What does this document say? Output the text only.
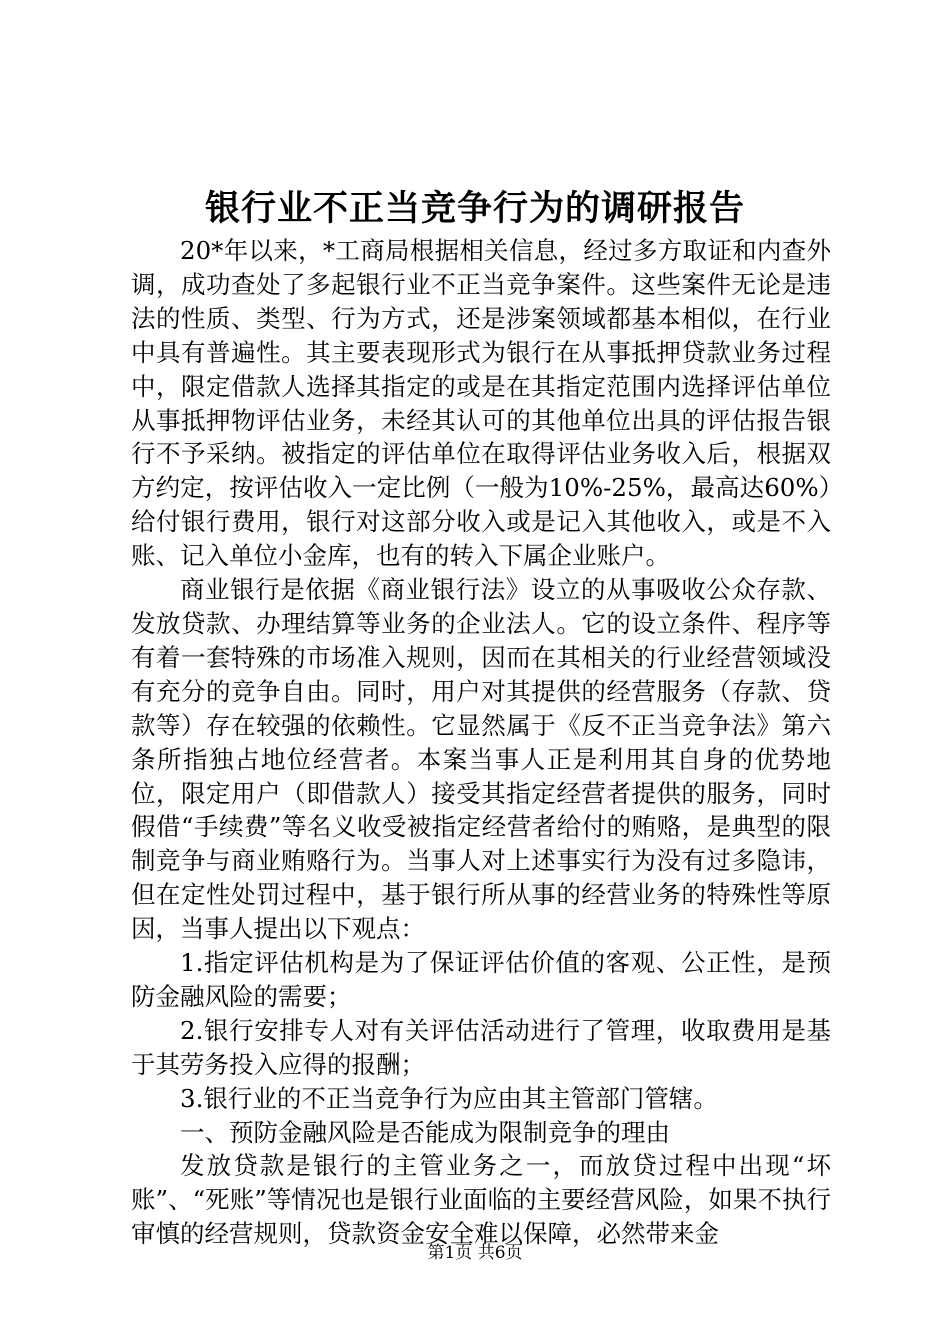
银行业不正当竞争行为的调研报告

20*年以来，*工商局根据相关信息，经过多方取证和内查外调，成功查处了多起银行业不正当竞争案件。这些案件无论是违法的性质、类型、行为方式，还是涉案领域都基本相似，在行业中具有普遍性。其主要表现形式为银行在从事抵押贷款业务过程中，限定借款人选择其指定的或是在其指定范围内选择评估单位从事抵押物评估业务，未经其认可的其他单位出具的评估报告银行不予采纳。被指定的评估单位在取得评估业务收入后，根据双方约定，按评估收入一定比例（一般为10%-25%，最高达60%）给付银行费用，银行对这部分收入或是记入其他收入，或是不入账、记入单位小金库，也有的转入下属企业账户。

商业银行是依据《商业银行法》设立的从事吸收公众存款、发放贷款、办理结算等业务的企业法人。它的设立条件、程序等有着一套特殊的市场准入规则，因而在其相关的行业经营领域没有充分的竞争自由。同时，用户对其提供的经营服务（存款、贷款等）存在较强的依赖性。它显然属于《反不正当竞争法》第六条所指独占地位经营者。本案当事人正是利用其自身的优势地位，限定用户（即借款人）接受其指定经营者提供的服务，同时假借“手续费”等名义收受被指定经营者给付的贿赂，是典型的限制竞争与商业贿赂行为。当事人对上述事实行为没有过多隐讳，但在定性处罚过程中，基于银行所从事的经营业务的特殊性等原因，当事人提出以下观点：

1.指定评估机构是为了保证评估价值的客观、公正性，是预防金融风险的需要；

2.银行安排专人对有关评估活动进行了管理，收取费用是基于其劳务投入应得的报酬；

3.银行业的不正当竞争行为应由其主管部门管辖。

一、预防金融风险是否能成为限制竞争的理由

发放贷款是银行的主管业务之一，而放贷过程中出现“坏账”、“死账”等情况也是银行业面临的主要经营风险，如果不执行审慎的经营规则，贷款资金安全难以保障，必然带来金

第1页 共6页
